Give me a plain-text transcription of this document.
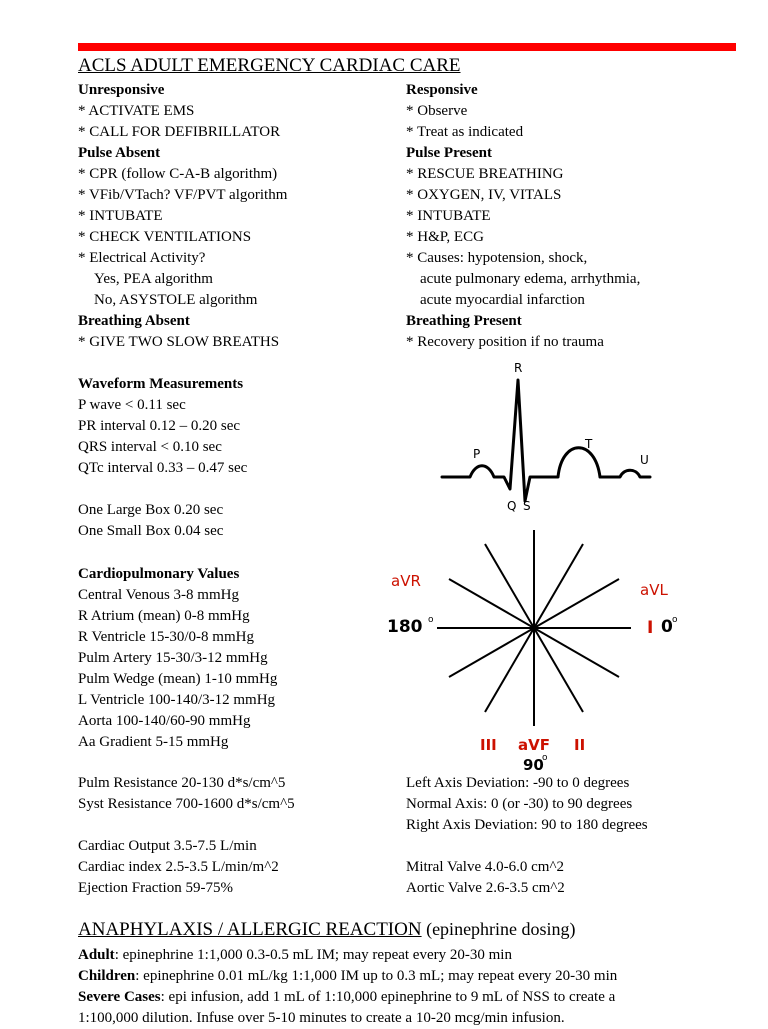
ACLS ADULT EMERGENCY CARDIAC CARE
Unresponsive
* ACTIVATE EMS
* CALL FOR DEFIBRILLATOR
Pulse Absent
* CPR (follow C-A-B algorithm)
* VFib/VTach? VF/PVT algorithm
* INTUBATE
* CHECK VENTILATIONS
* Electrical Activity?
Yes, PEA algorithm
No, ASYSTOLE algorithm
Breathing Absent
* GIVE TWO SLOW BREATHS
Responsive
* Observe
* Treat as indicated
Pulse Present
* RESCUE BREATHING
* OXYGEN, IV, VITALS
* INTUBATE
* H&P, ECG
* Causes: hypotension, shock,
acute pulmonary edema, arrhythmia,
acute myocardial infarction
Breathing Present
* Recovery position if no trauma
Waveform Measurements
P wave < 0.11 sec
PR interval 0.12 – 0.20 sec
QRS interval < 0.10 sec
QTc interval 0.33 – 0.47 sec
One Large Box 0.20 sec
One Small Box 0.04 sec
Cardiopulmonary Values
Central Venous 3-8 mmHg
R Atrium (mean) 0-8 mmHg
R Ventricle 15-30/0-8 mmHg
Pulm Artery 15-30/3-12 mmHg
Pulm Wedge (mean) 1-10 mmHg
L Ventricle 100-140/3-12 mmHg
Aorta 100-140/60-90 mmHg
Aa Gradient 5-15 mmHg
Pulm Resistance 20-130 d*s/cm^5
Syst Resistance 700-1600 d*s/cm^5
Cardiac Output 3.5-7.5 L/min
Cardiac index 2.5-3.5 L/min/m^2
Ejection Fraction 59-75%
Left Axis Deviation: -90 to 0 degrees
Normal Axis: 0 (or -30) to 90 degrees
Right Axis Deviation: 90 to 180 degrees
Mitral Valve 4.0-6.0 cm^2
Aortic Valve 2.6-3.5 cm^2
P
R
T
U
Q S
aVR	aVL
180 o	I 0 o
III aVF II
90
o
ANAPHYLAXIS / ALLERGIC REACTION (epinephrine dosing)
Adult: epinephrine 1:1,000 0.3-0.5 mL IM; may repeat every 20-30 min
Children: epinephrine 0.01 mL/kg 1:1,000 IM up to 0.3 mL; may repeat every 20-30 min
Severe Cases: epi infusion, add 1 mL of 1:10,000 epinephrine to 9 mL of NSS to create a
1:100,000 dilution. Infuse over 5-10 minutes to create a 10-20 mcg/min infusion.
